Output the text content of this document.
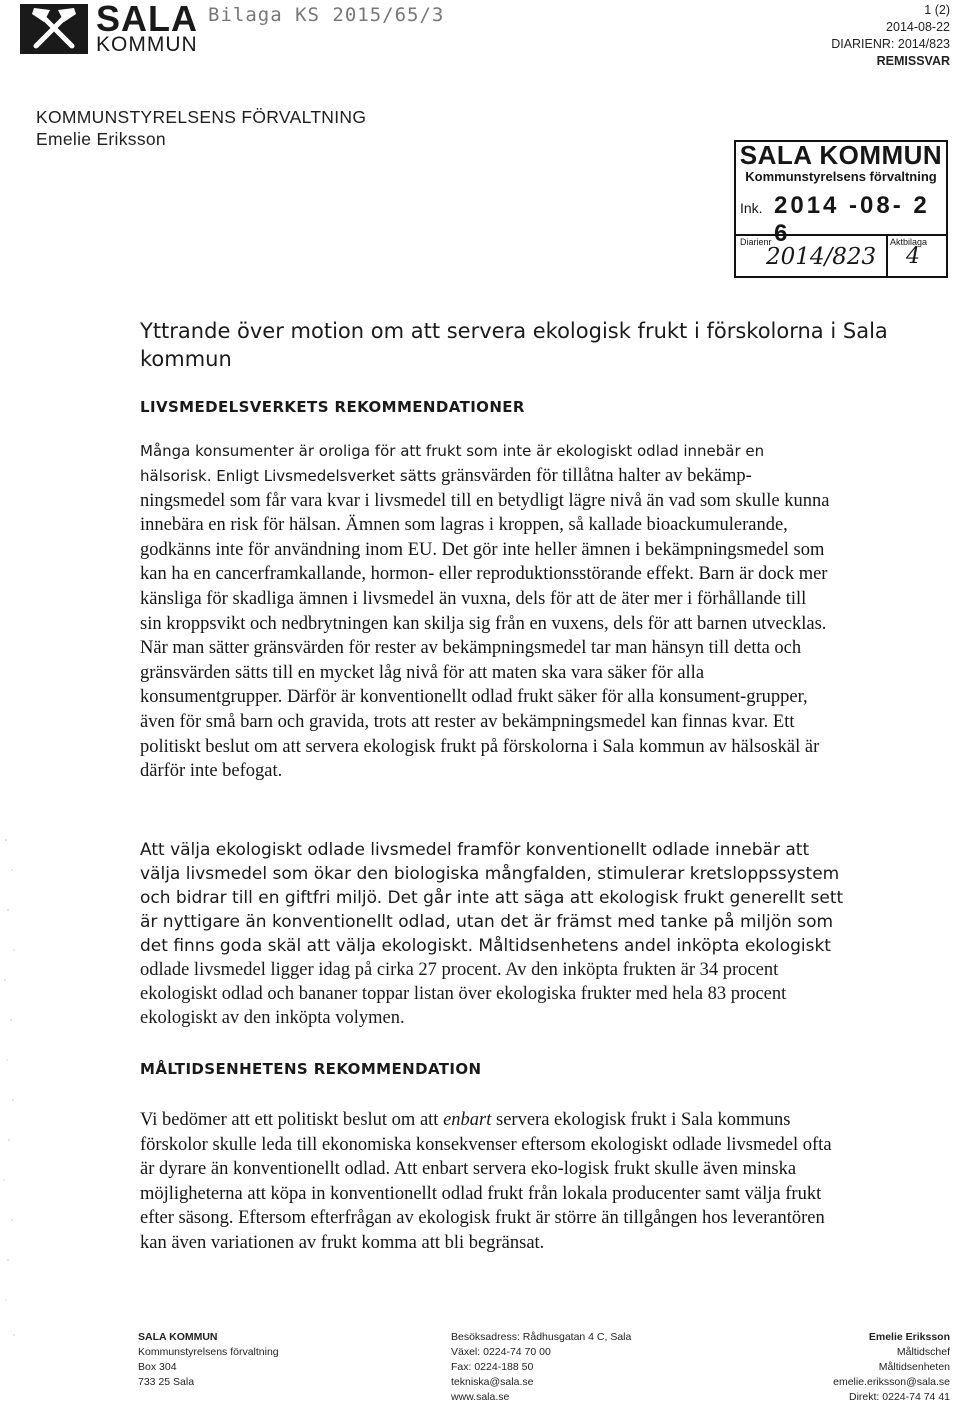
SALA
KOMMUN
Bilaga KS 2015/65/3	1 (2)
2014-08-22
DIARIENR: 2014/823
REMISSVAR
KOMMUNSTYRELSENS FÖRVALTNING
Emelie Eriksson
SALA KOMMUN
Kommunstyrelsens förvaltning
Ink. 2014 -08- 2 6
Diarienr	Aktbilaga
2014/823 4
Yttrande över motion om att servera ekologisk frukt i förskolorna i Sala kommun
LIVSMEDELSVERKETS REKOMMENDATIONER
Många konsumenter är oroliga för att frukt som inte är ekologiskt odlad innebär en
hälsorisk. Enligt Livsmedelsverket sätts gränsvärden för tillåtna halter av bekämp-ningsmedel som får vara kvar i livsmedel till en betydligt lägre nivå än vad som skulle kunna innebära en risk för hälsan. Ämnen som lagras i kroppen, så kallade bioackumulerande, godkänns inte för användning inom EU. Det gör inte heller ämnen i bekämpningsmedel som kan ha en cancerframkallande, hormon- eller reproduktionsstörande effekt. Barn är dock mer känsliga för skadliga ämnen i livsmedel än vuxna, dels för att de äter mer i förhållande till sin kroppsvikt och nedbrytningen kan skilja sig från en vuxens, dels för att barnen utvecklas. När man sätter gränsvärden för rester av bekämpningsmedel tar man hänsyn till detta och gränsvärden sätts till en mycket låg nivå för att maten ska vara säker för alla konsumentgrupper. Därför är konventionellt odlad frukt säker för alla konsument-grupper, även för små barn och gravida, trots att rester av bekämpningsmedel kan finnas kvar. Ett politiskt beslut om att servera ekologisk frukt på förskolorna i Sala kommun av hälsoskäl är därför inte befogat.
Att välja ekologiskt odlade livsmedel framför konventionellt odlade innebär att välja livsmedel som ökar den biologiska mångfalden, stimulerar kretsloppssystem och bidrar till en giftfri miljö. Det går inte att säga att ekologisk frukt generellt sett är nyttigare än konventionellt odlad, utan det är främst med tanke på miljön som det finns goda skäl att välja ekologiskt. Måltidsenhetens andel inköpta ekologiskt odlade livsmedel ligger idag på cirka 27 procent. Av den inköpta frukten är 34 procent ekologiskt odlad och bananer toppar listan över ekologiska frukter med hela 83 procent ekologiskt av den inköpta volymen.
MÅLTIDSENHETENS REKOMMENDATION
Vi bedömer att ett politiskt beslut om att enbart servera ekologisk frukt i Sala kommuns förskolor skulle leda till ekonomiska konsekvenser eftersom ekologiskt odlade livsmedel ofta är dyrare än konventionellt odlad. Att enbart servera eko-logisk frukt skulle även minska möjligheterna att köpa in konventionellt odlad frukt från lokala producenter samt välja frukt efter säsong. Eftersom efterfrågan av ekologisk frukt är större än tillgången hos leverantören kan även variationen av frukt komma att bli begränsat.
SALA KOMMUN
Kommunstyrelsens förvaltning
Box 304
733 25 Sala
Besöksadress: Rådhusgatan 4 C, Sala
Växel: 0224-74 70 00
Fax: 0224-188 50
tekniska@sala.se
www.sala.se
Emelie Eriksson
Måltidschef
Måltidsenheten
emelie.eriksson@sala.se
Direkt: 0224-74 74 41
